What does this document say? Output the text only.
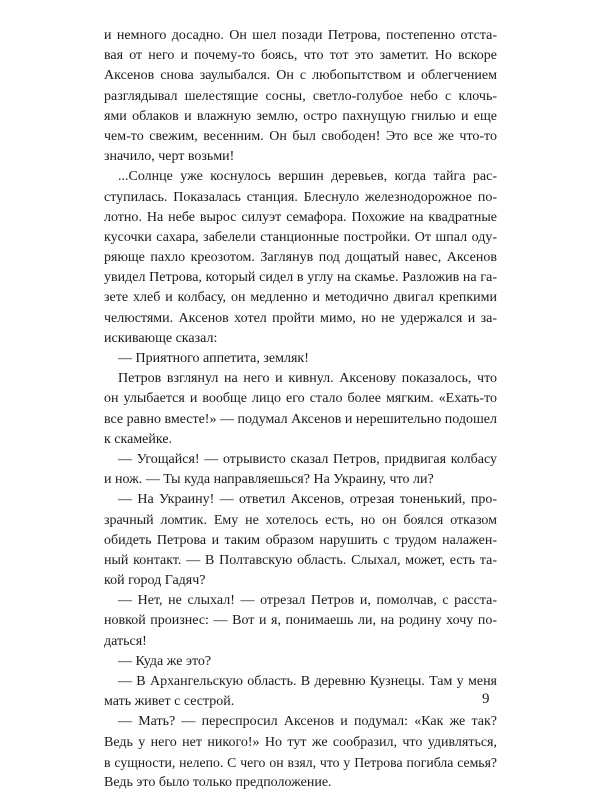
и немного досадно. Он шел позади Петрова, постепенно отста-
вая от него и почему-то боясь, что тот это заметит. Но вскоре
Аксенов снова заулыбался. Он с любопытством и облегчением
разглядывал шелестящие сосны, светло-голубое небо с клочь-
ями облаков и влажную землю, остро пахнущую гнилью и еще
чем-то свежим, весенним. Он был свободен! Это все же что-то
значило, черт возьми!
...Солнце уже коснулось вершин деревьев, когда тайга рас-
ступилась. Показалась станция. Блеснуло железнодорожное по-
лотно. На небе вырос силуэт семафора. Похожие на квадратные
кусочки сахара, забелели станционные постройки. От шпал оду-
ряюще пахло креозотом. Заглянув под дощатый навес, Аксенов
увидел Петрова, который сидел в углу на скамье. Разложив на га-
зете хлеб и колбасу, он медленно и методично двигал крепкими
челюстями. Аксенов хотел пройти мимо, но не удержался и за-
искивающе сказал:
— Приятного аппетита, земляк!
Петров взглянул на него и кивнул. Аксенову показалось, что
он улыбается и вообще лицо его стало более мягким. «Ехать-то
все равно вместе!» — подумал Аксенов и нерешительно подошел
к скамейке.
— Угощайся! — отрывисто сказал Петров, придвигая колбасу
и нож. — Ты куда направляешься? На Украину, что ли?
— На Украину! — ответил Аксенов, отрезая тоненький, про-
зрачный ломтик. Ему не хотелось есть, но он боялся отказом
обидеть Петрова и таким образом нарушить с трудом налажен-
ный контакт. — В Полтавскую область. Слыхал, может, есть та-
кой город Гадяч?
— Нет, не слыхал! — отрезал Петров и, помолчав, с расста-
новкой произнес: — Вот и я, понимаешь ли, на родину хочу по-
даться!
— Куда же это?
— В Архангельскую область. В деревню Кузнецы. Там у меня
мать живет с сестрой.
— Мать? — переспросил Аксенов и подумал: «Как же так?
Ведь у него нет никого!» Но тут же сообразил, что удивляться,
в сущности, нелепо. С чего он взял, что у Петрова погибла семья?
Ведь это было только предположение.
9
